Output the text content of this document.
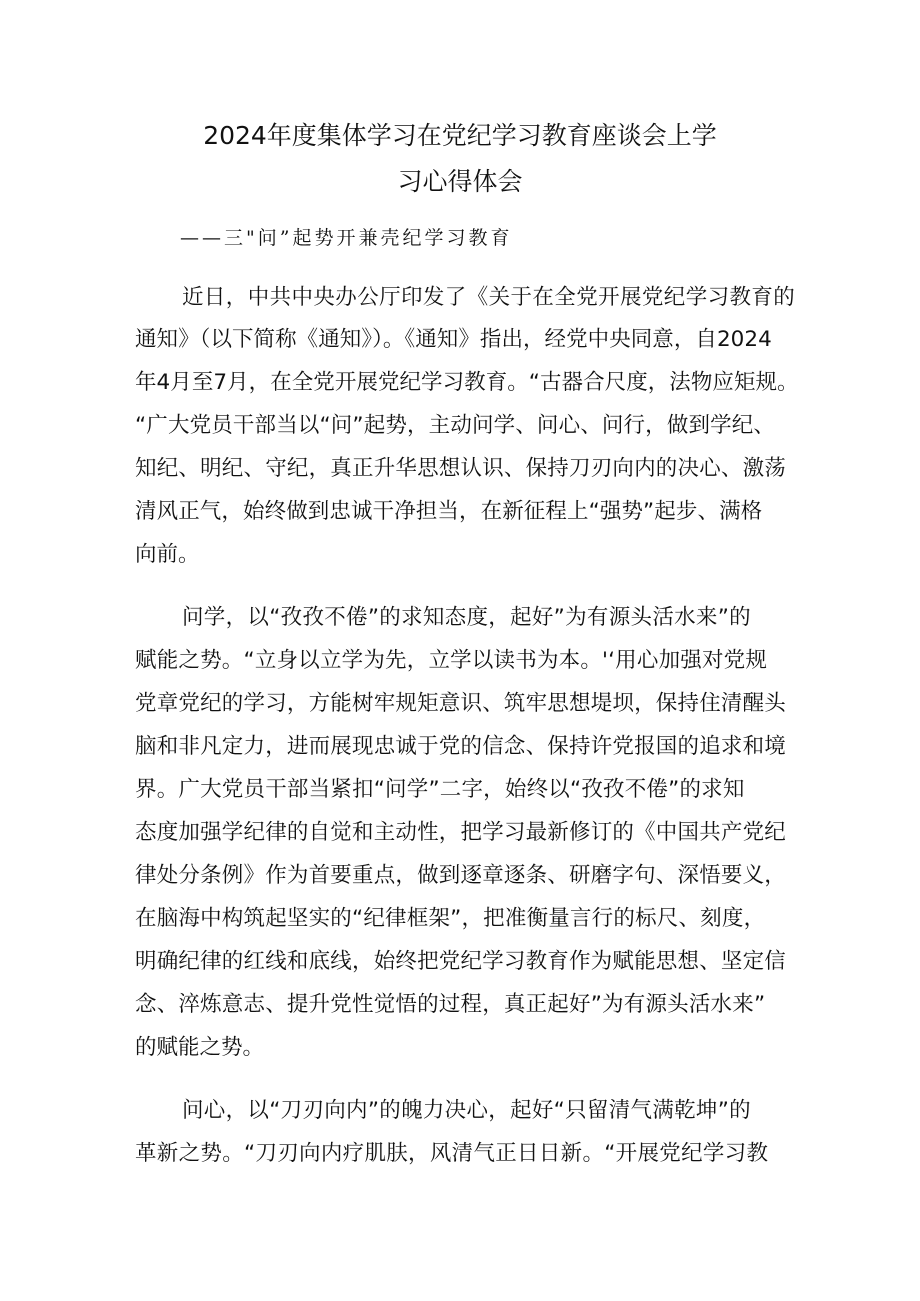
2024年度集体学习在党纪学习教育座谈会上学
习心得体会

——三"问”起势开兼壳纪学习教育

近日，中共中央办公厅印发了《关于在全党开展党纪学习教育的

通知》（以下简称《通知》）。《通知》指出，经党中央同意，自2024

年4月至7月，在全党开展党纪学习教育。“古器合尺度，法物应矩规。

“广大党员干部当以“问”起势，主动问学、问心、问行，做到学纪、

知纪、明纪、守纪，真正升华思想认识、保持刀刃向内的决心、激荡

清风正气，始终做到忠诚干净担当，在新征程上“强势”起步、满格

向前。

问学，以“孜孜不倦”的求知态度，起好”为有源头活水来”的

赋能之势。“立身以立学为先，立学以读书为本。'‘用心加强对党规

党章党纪的学习，方能树牢规矩意识、筑牢思想堤坝，保持住清醒头

脑和非凡定力，进而展现忠诚于党的信念、保持许党报国的追求和境

界。广大党员干部当紧扣“问学”二字，始终以“孜孜不倦”的求知

态度加强学纪律的自觉和主动性，把学习最新修订的《中国共产党纪

律处分条例》作为首要重点，做到逐章逐条、研磨字句、深悟要义，

在脑海中构筑起坚实的“纪律框架”，把准衡量言行的标尺、刻度，

明确纪律的红线和底线，始终把党纪学习教育作为赋能思想、坚定信

念、淬炼意志、提升党性觉悟的过程，真正起好”为有源头活水来”

的赋能之势。

问心，以“刀刃向内”的魄力决心，起好“只留清气满乾坤”的

革新之势。“刀刃向内疗肌肤，风清气正日日新。“开展党纪学习教
